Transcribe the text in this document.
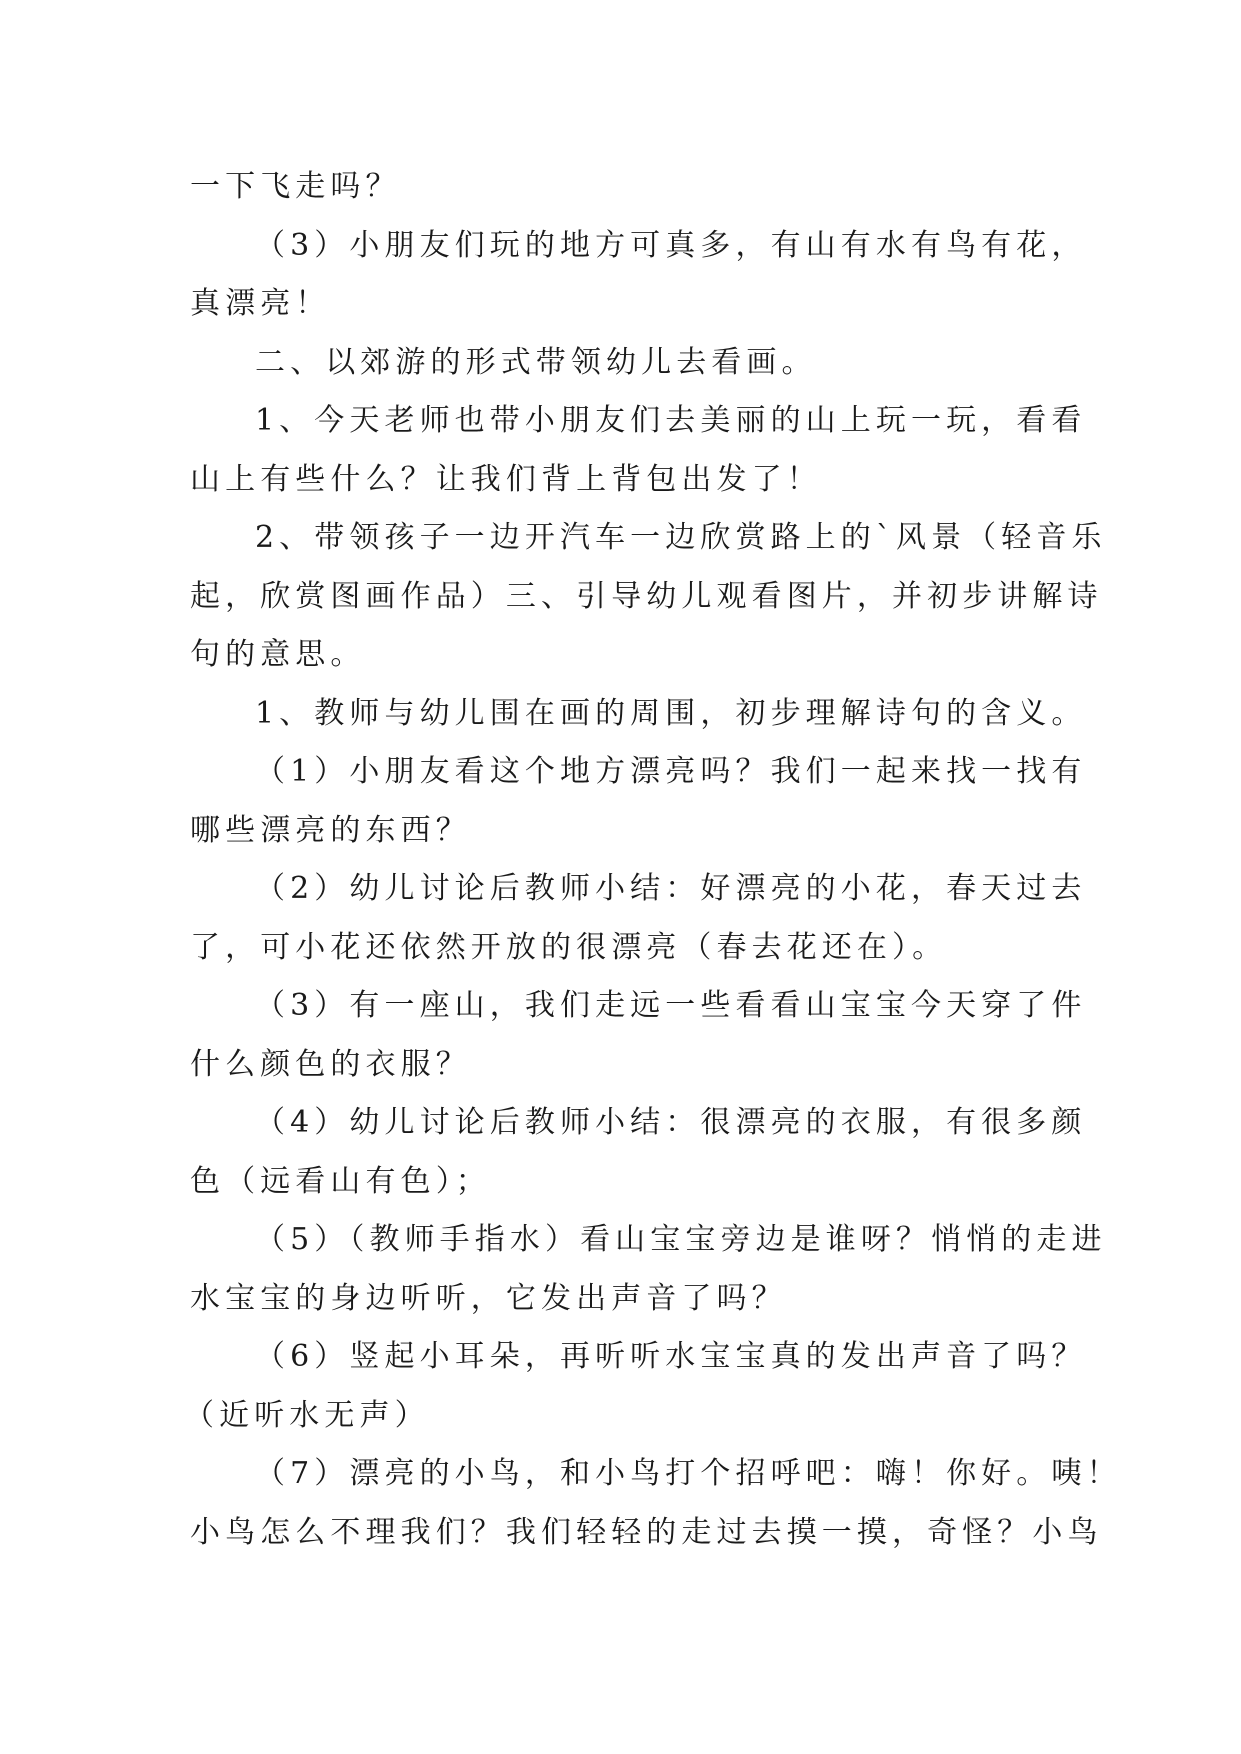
一下飞走吗？

（3）小朋友们玩的地方可真多，有山有水有鸟有花，

真漂亮！

二、以郊游的形式带领幼儿去看画。

1、今天老师也带小朋友们去美丽的山上玩一玩，看看

山上有些什么？让我们背上背包出发了！

2、带领孩子一边开汽车一边欣赏路上的`风景（轻音乐

起，欣赏图画作品）三、引导幼儿观看图片，并初步讲解诗

句的意思。

1、教师与幼儿围在画的周围，初步理解诗句的含义。

（1）小朋友看这个地方漂亮吗？我们一起来找一找有

哪些漂亮的东西？

（2）幼儿讨论后教师小结：好漂亮的小花，春天过去

了，可小花还依然开放的很漂亮（春去花还在）。

（3）有一座山，我们走远一些看看山宝宝今天穿了件

什么颜色的衣服？

（4）幼儿讨论后教师小结：很漂亮的衣服，有很多颜

色（远看山有色）；

（5）（教师手指水）看山宝宝旁边是谁呀？悄悄的走进

水宝宝的身边听听，它发出声音了吗？

（6）竖起小耳朵，再听听水宝宝真的发出声音了吗？

（近听水无声）

（7）漂亮的小鸟，和小鸟打个招呼吧：嗨！你好。咦！

小鸟怎么不理我们？我们轻轻的走过去摸一摸，奇怪？小鸟
